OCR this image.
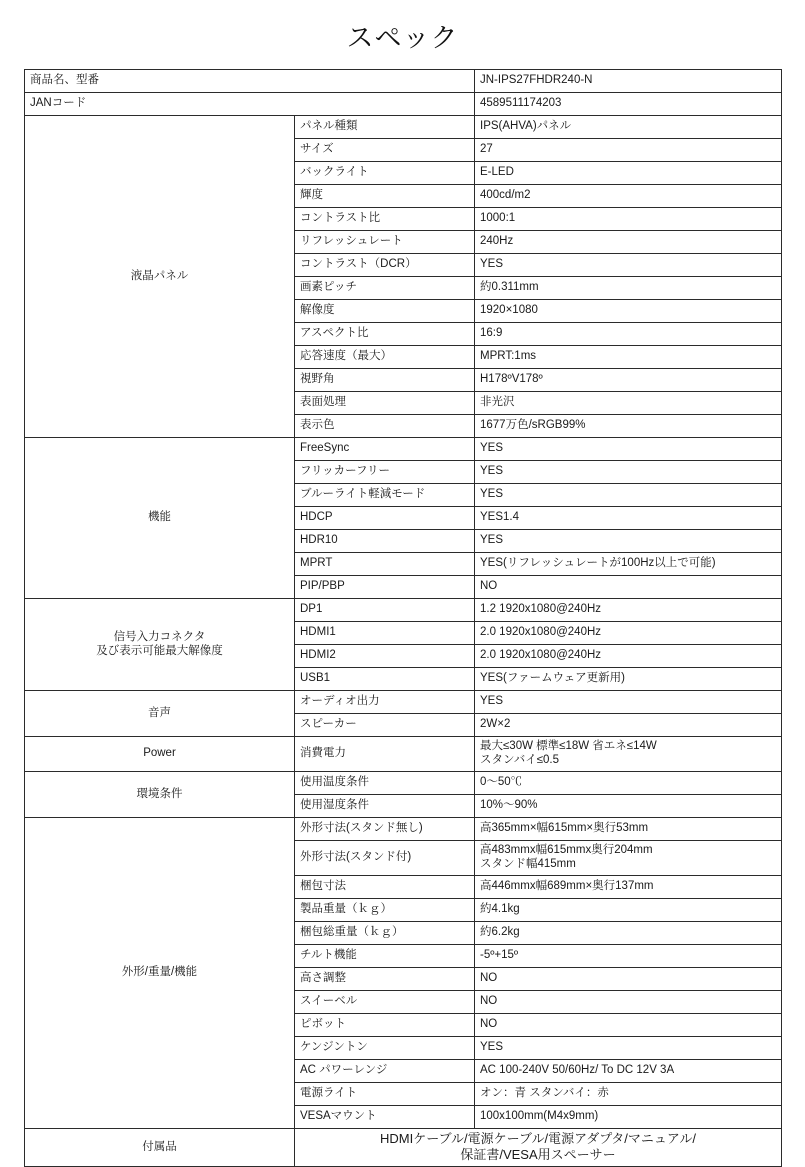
スペック
商品名、型番		JN-IPS27FHDR240-N
JANコード		4589511174203
液晶パネル	パネル種類	IPS(AHVA)パネル
	サイズ	27
	バックライト	E-LED
	輝度	400cd/m2
	コントラスト比	1000:1
	リフレッシュレート	240Hz
	コントラスト（DCR）	YES
	画素ピッチ	約0.311mm
	解像度	1920×1080
	アスペクト比	16:9
	応答速度（最大）	MPRT:1ms
	視野角	H178ºV178º
	表面処理	非光沢
	表示色	1677万色/sRGB99%
機能	FreeSync	YES
	フリッカーフリー	YES
	ブルーライト軽減モード	YES
	HDCP	YES1.4
	HDR10	YES
	MPRT	YES(リフレッシュレートが100Hz以上で可能)
	PIP/PBP	NO
信号入力コネクタ
及び表示可能最大解像度	DP1	1.2 1920x1080@240Hz
	HDMI1	2.0 1920x1080@240Hz
	HDMI2	2.0 1920x1080@240Hz
	USB1	YES(ファームウェア更新用)
音声	オーディオ出力	YES
	スピーカー	2W×2
Power	消費電力	最大≤30W 標準≤18W 省エネ≤14W
スタンバイ≤0.5
環境条件	使用温度条件	0〜50℃
	使用湿度条件	10%〜90%
外形/重量/機能	外形寸法(スタンド無し)	高365mm×幅615mm×奥行53mm
	外形寸法(スタンド付)	高483mmx幅615mmx奥行204mm
スタンド幅415mm
	梱包寸法	高446mmx幅689mm×奥行137mm
	製品重量（ｋｇ）	約4.1kg
	梱包総重量（ｋｇ）	約6.2kg
	チルト機能	-5º+15º
	高さ調整	NO
	スイーベル	NO
	ピボット	NO
	ケンジントン	YES
	AC パワーレンジ	AC 100-240V 50/60Hz/ To DC 12V 3A
	電源ライト	オン：青 スタンバイ：赤
	VESAマウント	100x100mm(M4x9mm)
付属品	HDMIケーブル/電源ケーブル/電源アダプタ/マニュアル/
保証書/VESA用スペーサー	
